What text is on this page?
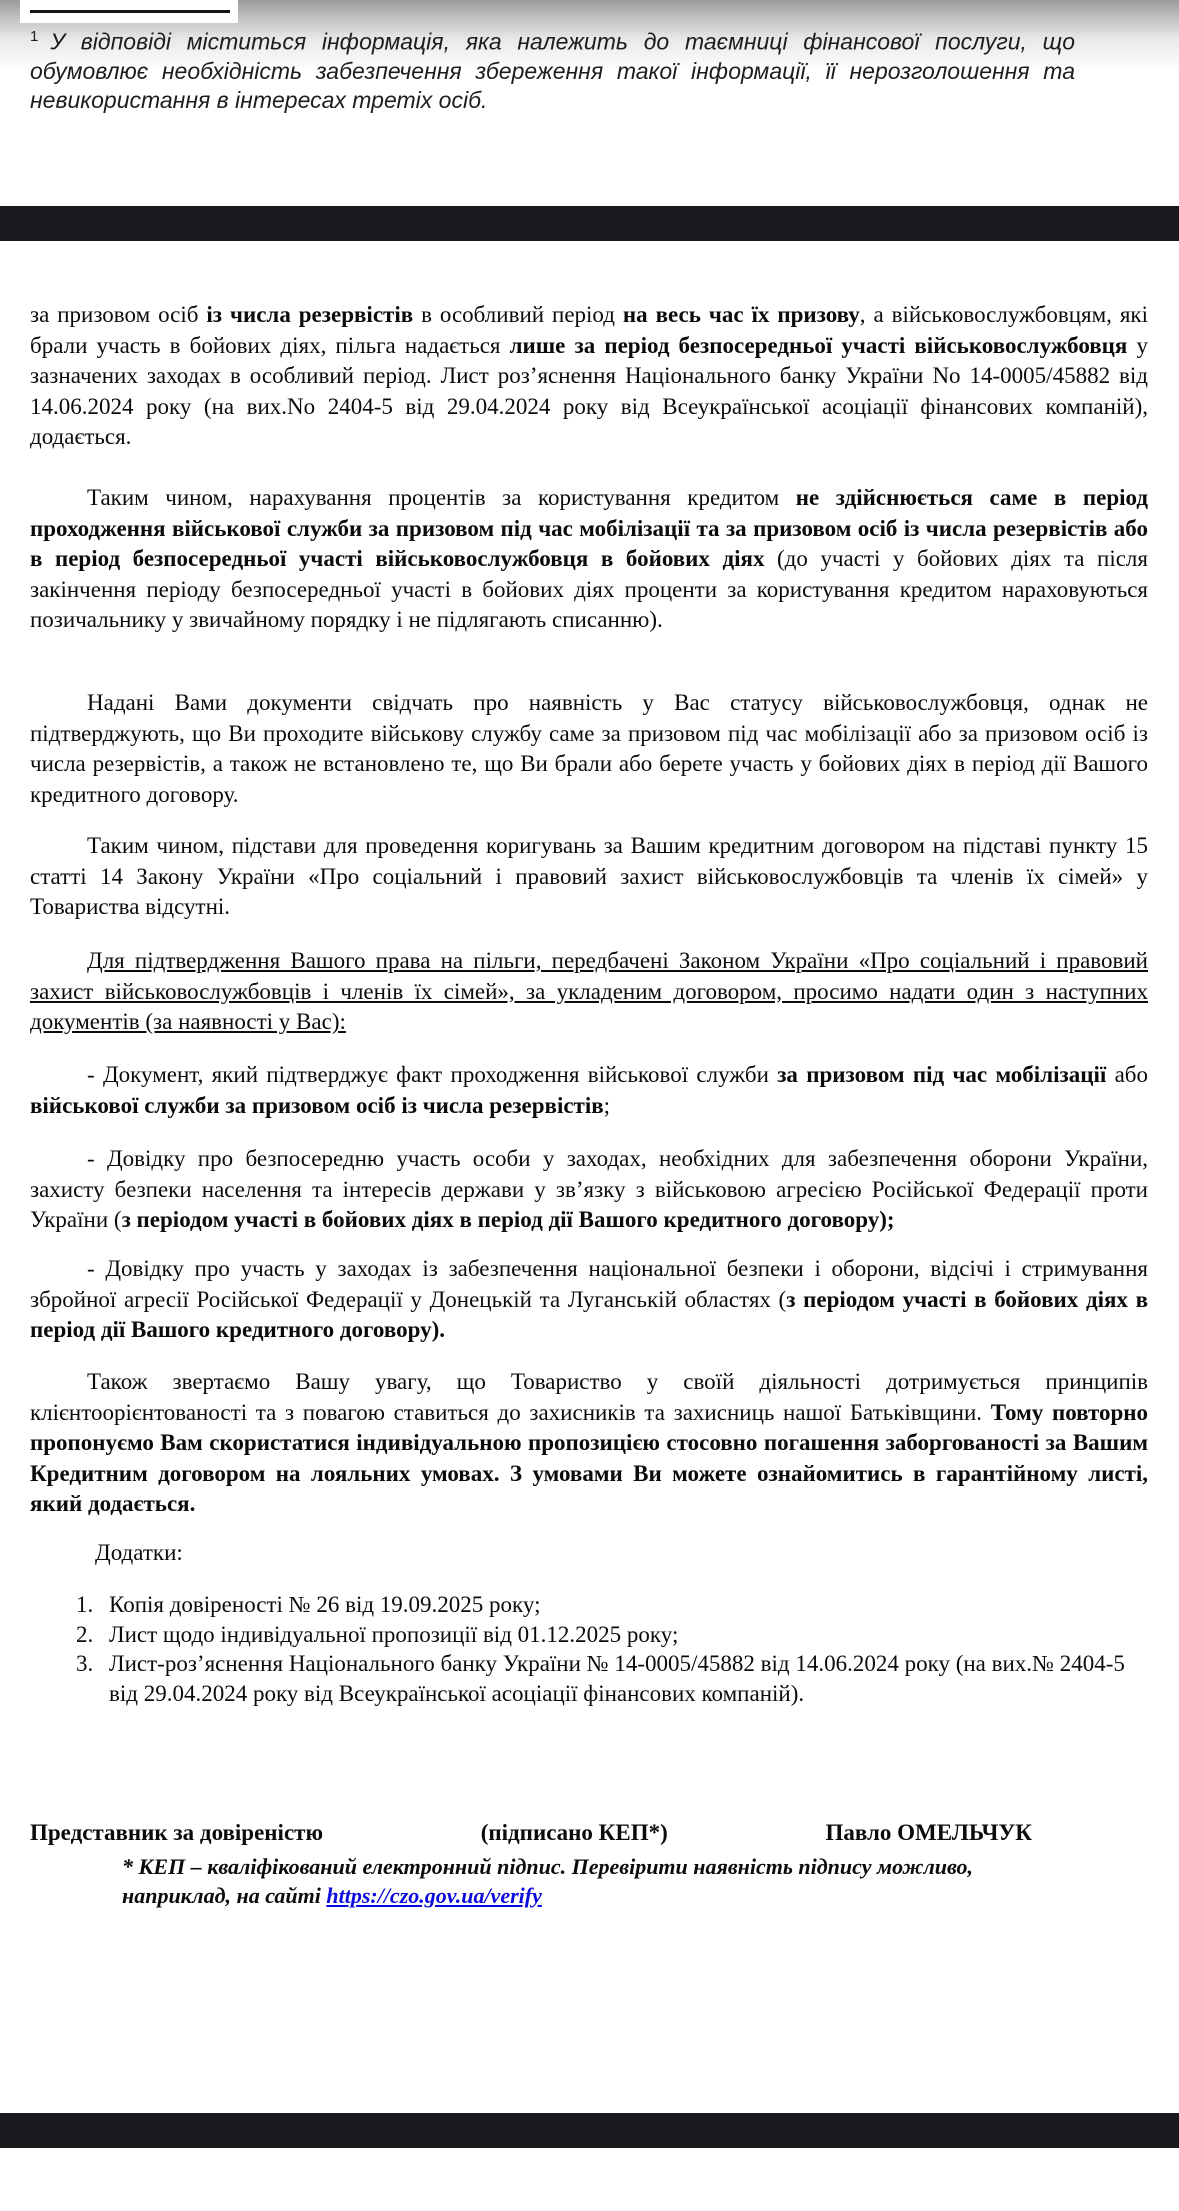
$^1$ У відповіді міститься інформація, яка належить до таємниці фінансової послуги, що обумовлює необхідність забезпечення збереження такої інформації, її нерозголошення та невикористання в інтересах третіх осіб.

за призовом осіб із числа резервістів в особливий період на весь час їх призову, а військовослужбовцям, які брали участь в бойових діях, пільга надається лише за період безпосередньої участі військовослужбовця у зазначених заходах в особливий період. Лист роз’яснення Національного банку України No 14-0005/45882 від 14.06.2024 року (на вих.No 2404-5 від 29.04.2024 року від Всеукраїнської асоціації фінансових компаній), додається.

Таким чином, нарахування процентів за користування кредитом не здійснюється саме в період проходження військової служби за призовом під час мобілізації та за призовом осіб із числа резервістів або в період безпосередньої участі військовослужбовця в бойових діях (до участі у бойових діях та після закінчення періоду безпосередньої участі в бойових діях проценти за користування кредитом нараховуються позичальнику у звичайному порядку і не підлягають списанню).

Надані Вами документи свідчать про наявність у Вас статусу військовослужбовця, однак не підтверджують, що Ви проходите військову службу саме за призовом під час мобілізації або за призовом осіб із числа резервістів, а також не встановлено те, що Ви брали або берете участь у бойових діях в період дії Вашого кредитного договору.

Таким чином, підстави для проведення коригувань за Вашим кредитним договором на підставі пункту 15 статті 14 Закону України «Про соціальний і правовий захист військовослужбовців та членів їх сімей» у Товариства відсутні.

Для підтвердження Вашого права на пільги, передбачені Законом України «Про соціальний і правовий захист військовослужбовців і членів їх сімей», за укладеним договором, просимо надати один з наступних документів (за наявності у Вас):

- Документ, який підтверджує факт проходження військової служби за призовом під час мобілізації або військової служби за призовом осіб із числа резервістів;

- Довідку про безпосередню участь особи у заходах, необхідних для забезпечення оборони України, захисту безпеки населення та інтересів держави у зв’язку з військовою агресією Російської Федерації проти України (з періодом участі в бойових діях в період дії Вашого кредитного договору);

- Довідку про участь у заходах із забезпечення національної безпеки і оборони, відсічі і стримування збройної агресії Російської Федерації у Донецькій та Луганській областях (з періодом участі в бойових діях в період дії Вашого кредитного договору).

Також звертаємо Вашу увагу, що Товариство у своїй діяльності дотримується принципів клієнтоорієнтованості та з повагою ставиться до захисників та захисниць нашої Батьківщини. Тому повторно пропонуємо Вам скористатися індивідуальною пропозицією стосовно погашення заборгованості за Вашим Кредитним договором на лояльних умовах. З умовами Ви можете ознайомитись в гарантійному листі, який додається.

Додатки:

1. Копія довіреності № 26 від 19.09.2025 року;
2. Лист щодо індивідуальної пропозиції від 01.12.2025 року;
3. Лист-роз’яснення Національного банку України № 14-0005/45882 від 14.06.2024 року (на вих.№ 2404-5 від 29.04.2024 року від Всеукраїнської асоціації фінансових компаній).
Представник за довіреністю	(підписано КЕП*)	Павло ОМЕЛЬЧУК
* КЕП – кваліфікований електронний підпис. Перевірити наявність підпису можливо, наприклад, на сайті https://czo.gov.ua/verify
